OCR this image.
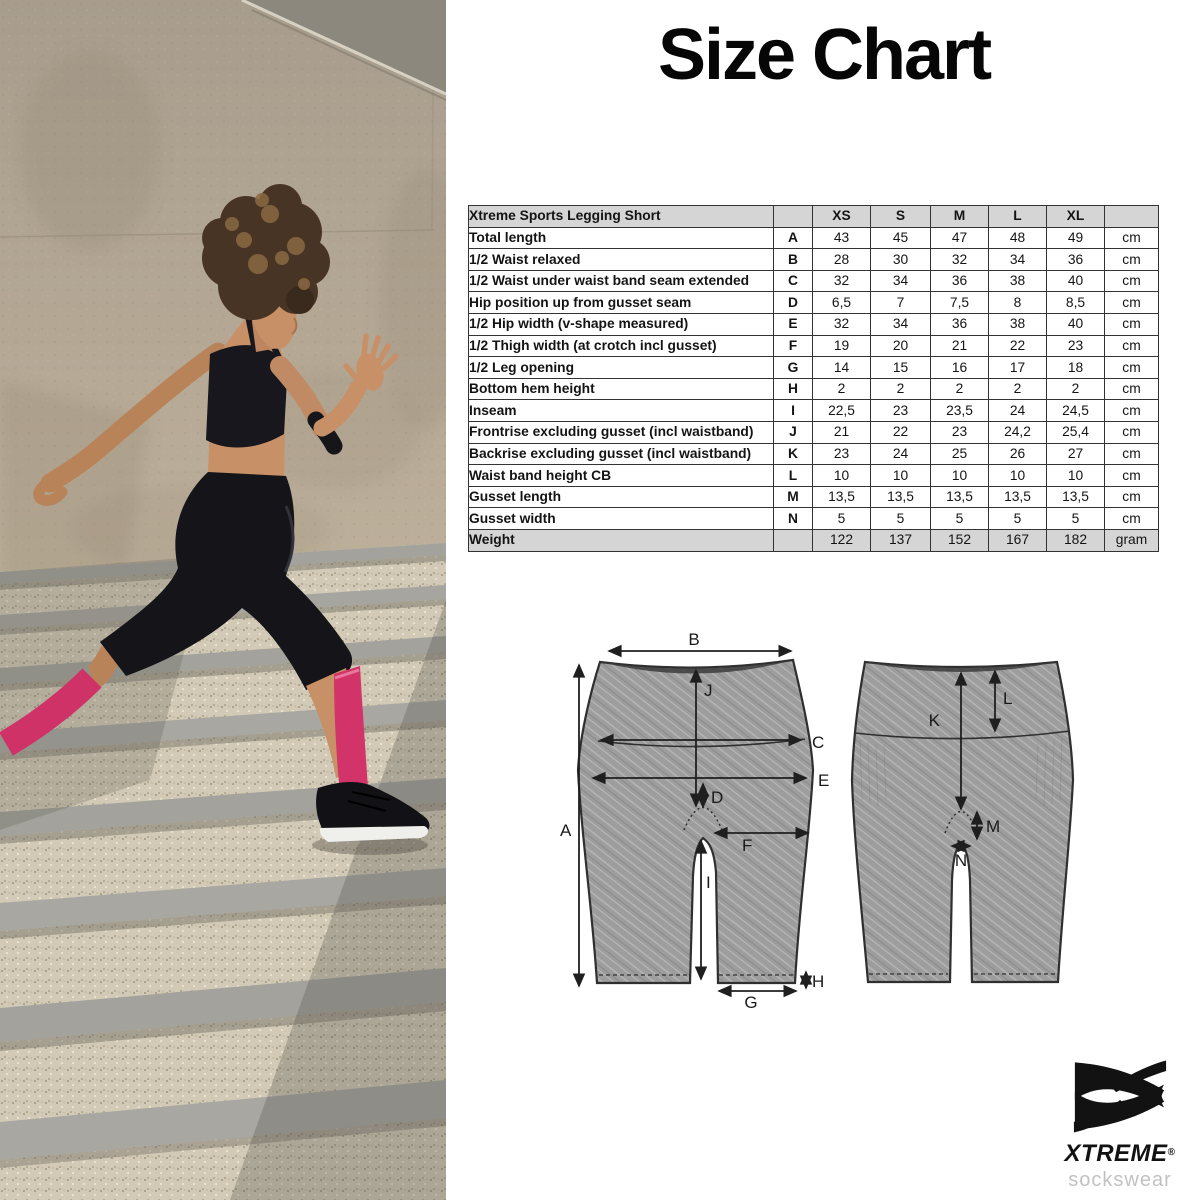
Size Chart
Xtreme Sports Legging Short		XS	S	M	L	XL	
Total length	A	43	45	47	48	49	cm
1/2 Waist relaxed	B	28	30	32	34	36	cm
1/2 Waist under waist band seam extended	C	32	34	36	38	40	cm
Hip position up from gusset seam	D	6,5	7	7,5	8	8,5	cm
1/2 Hip width (v-shape measured)	E	32	34	36	38	40	cm
1/2 Thigh width (at crotch incl gusset)	F	19	20	21	22	23	cm
1/2 Leg opening	G	14	15	16	17	18	cm
Bottom hem height	H	2	2	2	2	2	cm
Inseam	I	22,5	23	23,5	24	24,5	cm
Frontrise excluding gusset (incl waistband)	J	21	22	23	24,2	25,4	cm
Backrise excluding gusset (incl waistband)	K	23	24	25	26	27	cm
Waist band height CB	L	10	10	10	10	10	cm
Gusset length	M	13,5	13,5	13,5	13,5	13,5	cm
Gusset width	N	5	5	5	5	5	cm
Weight		122	137	152	167	182	gram
B
A
J
C
E
D
F
I
G
H
K
L
M
N
XTREME®
sockswear
